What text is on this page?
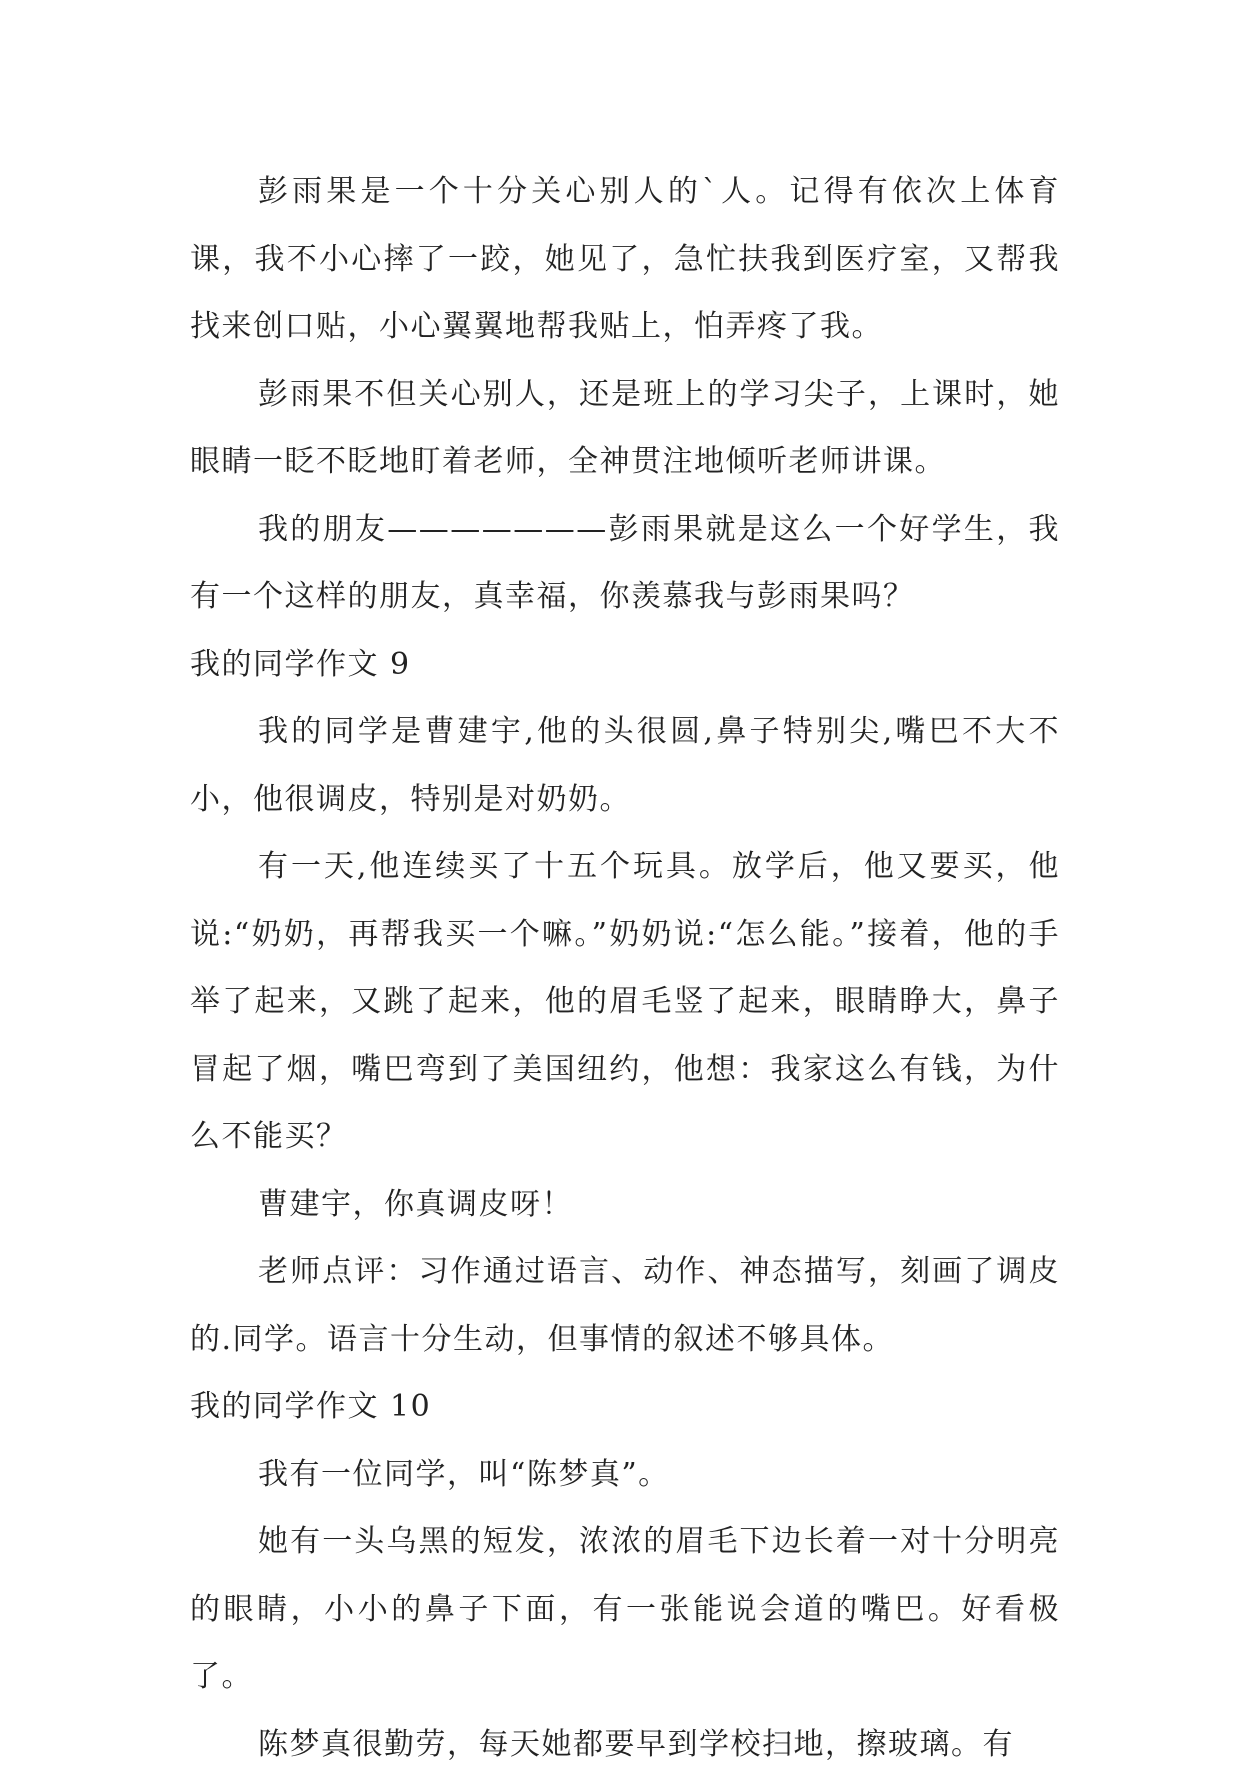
彭雨果是一个十分关心别人的`人。记得有依次上体育课，我不小心摔了一跤，她见了，急忙扶我到医疗室，又帮我找来创口贴，小心翼翼地帮我贴上，怕弄疼了我。

彭雨果不但关心别人，还是班上的学习尖子，上课时，她眼睛一眨不眨地盯着老师，全神贯注地倾听老师讲课。

我的朋友———————彭雨果就是这么一个好学生，我有一个这样的朋友，真幸福，你羡慕我与彭雨果吗？

我的同学作文 9

我的同学是曹建宇,他的头很圆,鼻子特别尖,嘴巴不大不小，他很调皮，特别是对奶奶。

有一天,他连续买了十五个玩具。放学后，他又要买，他说:“奶奶，再帮我买一个嘛。”奶奶说:“怎么能。”接着，他的手举了起来，又跳了起来，他的眉毛竖了起来，眼睛睁大，鼻子冒起了烟，嘴巴弯到了美国纽约，他想：我家这么有钱，为什么不能买？

曹建宇，你真调皮呀！

老师点评：习作通过语言、动作、神态描写，刻画了调皮的.同学。语言十分生动，但事情的叙述不够具体。

我的同学作文 10

我有一位同学，叫“陈梦真”。

她有一头乌黑的短发，浓浓的眉毛下边长着一对十分明亮的眼睛，小小的鼻子下面，有一张能说会道的嘴巴。好看极了。

陈梦真很勤劳，每天她都要早到学校扫地，擦玻璃。有
